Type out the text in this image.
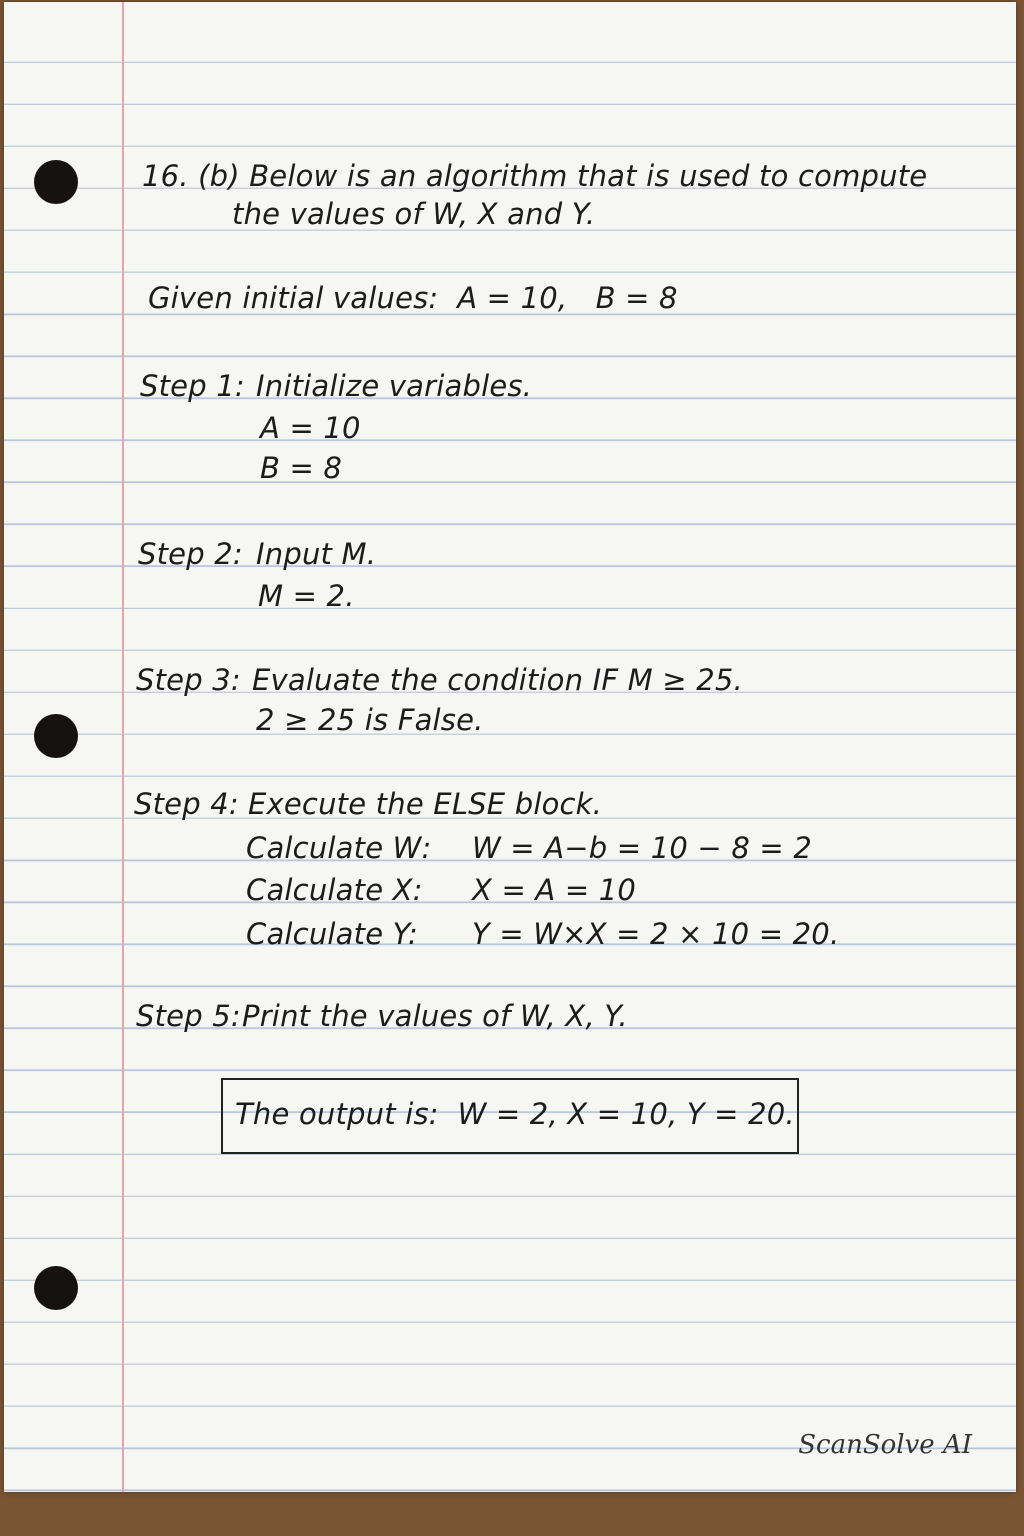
16. (b) Below is an algorithm that is used to compute
the values of W, X and Y.
Given initial values:  A = 10,   B = 8
Step 1: Initialize variables.
A = 10
B = 8
Step 2: Input M.
M = 2.
Step 3: Evaluate the condition IF M ≥ 25.
2 ≥ 25 is False.
Step 4: Execute the ELSE block.
Calculate W: W = A−b = 10 − 8 = 2
Calculate X: X = A = 10
Calculate Y: Y = W×X = 2 × 10 = 20.
Step 5: Print the values of W, X, Y.
The output is:  W = 2, X = 10, Y = 20.
ScanSolve AI
